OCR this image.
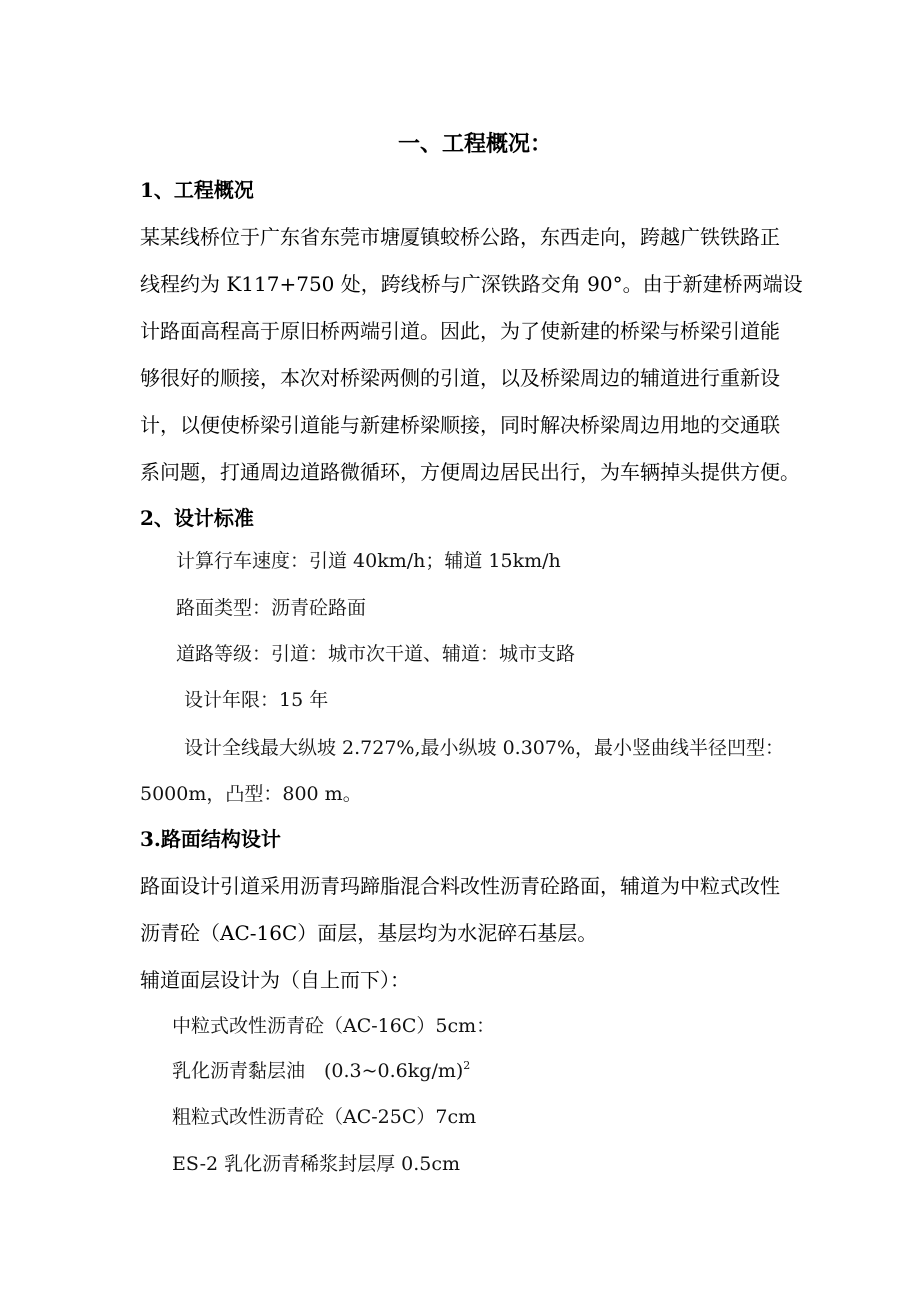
一、工程概况：
1、工程概况
某某线桥位于广东省东莞市塘厦镇蛟桥公路，东西走向，跨越广铁铁路正
线程约为 K117+750 处，跨线桥与广深铁路交角 90°。由于新建桥两端设
计路面高程高于原旧桥两端引道。因此，为了使新建的桥梁与桥梁引道能
够很好的顺接，本次对桥梁两侧的引道，以及桥梁周边的辅道进行重新设
计，以便使桥梁引道能与新建桥梁顺接，同时解决桥梁周边用地的交通联
系问题，打通周边道路微循环，方便周边居民出行，为车辆掉头提供方便。
2、设计标准
计算行车速度：引道 40km/h；辅道 15km/h
路面类型：沥青砼路面
道路等级：引道：城市次干道、辅道：城市支路
设计年限：15 年
设计全线最大纵坡 2.727%,最小纵坡 0.307%，最小竖曲线半径凹型：
5000m，凸型：800 m。
3.路面结构设计
路面设计引道采用沥青玛蹄脂混合料改性沥青砼路面，辅道为中粒式改性
沥青砼（AC-16C）面层，基层均为水泥碎石基层。
辅道面层设计为（自上而下）：
中粒式改性沥青砼（AC-16C）5cm：
乳化沥青黏层油　(0.3~0.6kg/m)$^2$
粗粒式改性沥青砼（AC-25C）7cm
ES-2 乳化沥青稀浆封层厚 0.5cm
